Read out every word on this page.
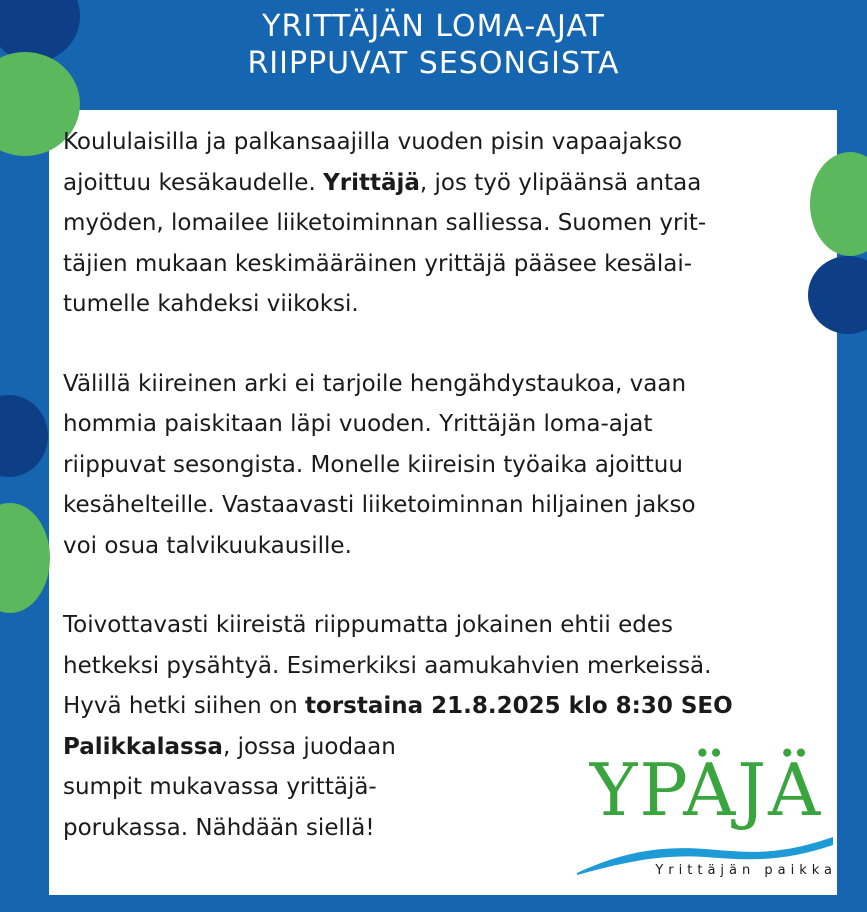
YRITTÄJÄN LOMA-AJAT
RIIPPUVAT SESONGISTA

Koululaisilla ja palkansaajilla vuoden pisin vapaajakso
ajoittuu kesäkaudelle. Yrittäjä, jos työ ylipäänsä antaa
myöden, lomailee liiketoiminnan salliessa. Suomen yrit-
täjien mukaan keskimääräinen yrittäjä pääsee kesälai-
tumelle kahdeksi viikoksi.

Välillä kiireinen arki ei tarjoile hengähdystaukoa, vaan
hommia paiskitaan läpi vuoden. Yrittäjän loma-ajat
riippuvat sesongista. Monelle kiireisin työaika ajoittuu
kesähelteille. Vastaavasti liiketoiminnan hiljainen jakso
voi osua talvikuukausille.

Toivottavasti kiireistä riippumatta jokainen ehtii edes
hetkeksi pysähtyä. Esimerkiksi aamukahvien merkeissä.
Hyvä hetki siihen on torstaina 21.8.2025 klo 8:30 SEO
Palikkalassa, jossa juodaan
sumpit mukavassa yrittäjä-
porukassa. Nähdään siellä!	YPÄJÄ
Yrittäjän paikka
